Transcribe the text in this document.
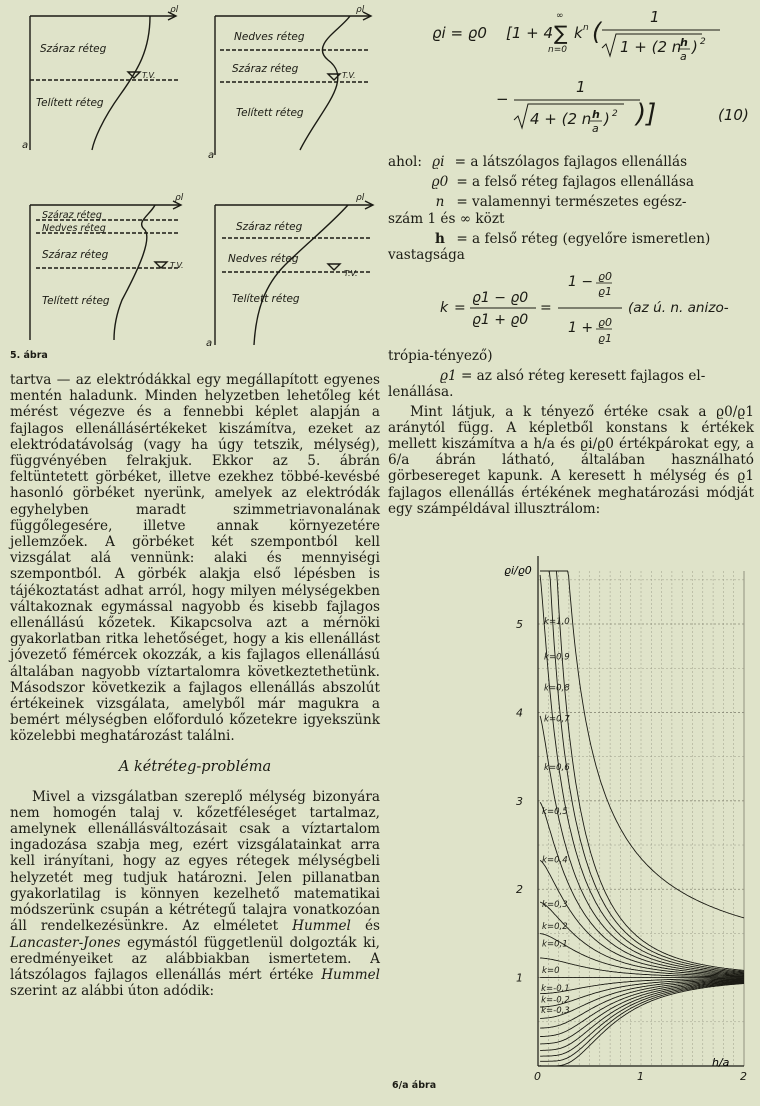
Száraz réteg
Telített réteg
T.V.
ρl
a
Nedves réteg
Száraz réteg
Telített réteg
T.V.
ρl
a
Száraz réteg
Nedves réteg
Száraz réteg
Telített réteg
T.V.
ρl
Száraz réteg
Nedves réteg
Telített réteg
T.V.
ρl
a
5. ábra

tartva — az elektródákkal egy megállapított egyenes mentén haladunk. Minden helyzetben lehetőleg két mérést végezve és a fennebbi képlet alapján a fajlagos ellenállásértékeket kiszámítva, ezeket az elektródatávolság (vagy ha úgy tetszik, mélység), függvényében felrakjuk. Ekkor az 5. ábrán feltüntetett görbéket, illetve ezekhez többé-kevésbé hasonló görbéket nyerünk, amelyek az elektródák egyhelyben maradt szimmetriavonalának függőlegesére, illetve annak környezetére jellemzőek. A görbéket két szempontból kell vizsgálat alá vennünk: alaki és mennyiségi szempontból. A görbék alakja első lépésben is tájékoztatást adhat arról, hogy milyen mélységekben váltakoznak egymással nagyobb és kisebb fajlagos ellenállású kőzetek. Kikapcsolva azt a mérnöki gyakorlatban ritka lehetőséget, hogy a kis ellenállást jóvezető fémércek okozzák, a kis fajlagos ellenállású általában nagyobb víztartalomra következtethetünk. Másodszor következik a fajlagos ellenállás abszolút értékeinek vizsgálata, amelyből már magukra a bemért mélységben előforduló kőzetekre igyekszünk közelebbi meghatározást találni.

A kétréteg-probléma

Mivel a vizsgálatban szereplő mélység bizonyára nem homogén talaj v. kőzetféleséget tartalmaz, amelynek ellenállásváltozásait csak a víztartalom ingadozása szabja meg, ezért vizsgálatainkat arra kell irányítani, hogy az egyes rétegek mélységbeli helyzetét meg tudjuk határozni. Jelen pillanatban gyakorlatilag is könnyen kezelhető matematikai módszerünk csupán a kétrétegű talajra vonatkozóan áll rendelkezésünkre. Az elméletet Hummel és Lancaster-Jones egymástól függetlenül dolgozták ki, eredményeiket az alábbiakban ismertetem. A látszólagos fajlagos ellenállás mért értéke Hummel szerint az alábbi úton adódik:

ϱi = ϱ0 [1 + 4 ∑
∞
n=0
k n (
1
1 + (2 n
h
a
) 2
−
1
4 + (2 n h
a
) 2 )]	(10)
ahol: ϱi = a látszólagos fajlagos ellenállás
ϱ0 = a felső réteg fajlagos ellenállása
n = valamennyi természetes egész-
szám 1 és ∞ közt
h = a felső réteg (egyelőre ismeretlen)
vastagsága
k =
ϱ1 − ϱ0
ϱ1 + ϱ0
=
1 − ϱ0
ϱ1
1 + ϱ0
ϱ1
(az ú. n. anizo-
trópia-tényező)
ϱ1 = az alsó réteg keresett fajlagos el-
lenállása.

Mint látjuk, a k tényező értéke csak a ϱ0/ϱ1 aránytól függ. A képletből konstans k értékek mellett kiszámítva a h/a és ϱi/ϱ0 értékpárokat egy, a 6/a ábrán látható, általában használható görbesereget kapunk. A keresett h mélység és ϱ1 fajlagos ellenállás értékének meghatározási módját egy számpéldával illusztrálom:

k=1,0
k=0,9
k=0,8
k=0,7
k=0,6
k=0,5
k=0,4
k=0,3
k=0,2
k=0,1
k=0
k=-0,1
k=-0,2
k=-0,3
1
2
3
4
5
0	1	2
ϱi/ϱ0
h/a
6/a ábra
